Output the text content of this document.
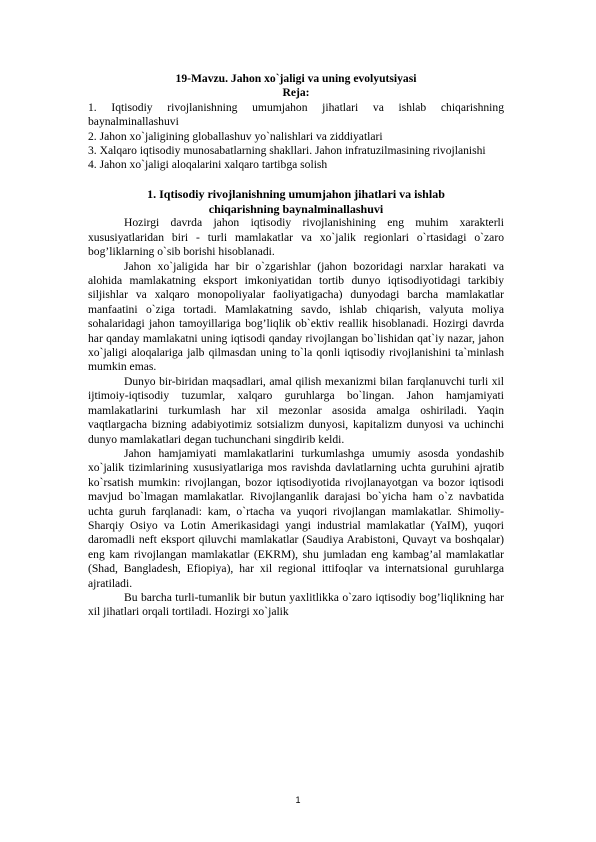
19-Mavzu. Jahon xo`jaligi va uning evolyutsiyasi

Reja:

1. Iqtisodiy rivojlanishning umumjahon jihatlari va ishlab chiqarishning baynalminallashuvi

2. Jahon xo`jaligining globallashuv yo`nalishlari va ziddiyatlari

3. Xalqaro iqtisodiy munosabatlarning shakllari. Jahon infratuzilmasining rivojlanishi

4. Jahon xo`jaligi aloqalarini xalqaro tartibga solish

1. Iqtisodiy rivojlanishning umumjahon jihatlari va ishlab

chiqarishning baynalminallashuvi

Hozirgi davrda jahon iqtisodiy rivojlanishining eng muhim xarakterli xususiyatlaridan biri - turli mamlakatlar va xo`jalik regionlari o`rtasidagi o`zaro bog’liklarning o`sib borishi hisoblanadi.

Jahon xo`jaligida har bir o`zgarishlar (jahon bozoridagi narxlar harakati va alohida mamlakatning eksport imkoniyatidan tortib dunyo iqtisodiyotidagi tarkibiy siljishlar va xalqaro monopoliyalar faoliyatigacha) dunyodagi barcha mamlakatlar manfaatini o`ziga tortadi. Mamlakatning savdo, ishlab chiqarish, valyuta moliya sohalaridagi jahon tamoyillariga bog’liqlik ob`ektiv reallik hisoblanadi. Hozirgi davrda har qanday mamlakatni uning iqtisodi qanday rivojlangan bo`lishidan qat`iy nazar, jahon xo`jaligi aloqalariga jalb qilmasdan uning to`la qonli iqtisodiy rivojlanishini ta`minlash mumkin emas.

Dunyo bir-biridan maqsadlari, amal qilish mexanizmi bilan farqlanuvchi turli xil ijtimoiy-iqtisodiy tuzumlar, xalqaro guruhlarga bo`lingan. Jahon hamjamiyati mamlakatlarini turkumlash har xil mezonlar asosida amalga oshiriladi. Yaqin vaqtlargacha bizning adabiyotimiz sotsializm dunyosi, kapitalizm dunyosi va uchinchi dunyo mamlakatlari degan tuchunchani singdirib keldi.

Jahon hamjamiyati mamlakatlarini turkumlashga umumiy asosda yondashib xo`jalik tizimlarining xususiyatlariga mos ravishda davlatlarning uchta guruhini ajratib ko`rsatish mumkin: rivojlangan, bozor iqtisodiyotida rivojlanayotgan va bozor iqtisodi mavjud bo`lmagan mamlakatlar. Rivojlanganlik darajasi bo`yicha ham o`z navbatida uchta guruh farqlanadi: kam, o`rtacha va yuqori rivojlangan mamlakatlar. Shimoliy-Sharqiy Osiyo va Lotin Amerikasidagi yangi industrial mamlakatlar (YaIM), yuqori daromadli neft eksport qiluvchi mamlakatlar (Saudiya Arabistoni, Quvayt va boshqalar) eng kam rivojlangan mamlakatlar (EKRM), shu jumladan eng kambag’al mamlakatlar (Shad, Bangladesh, Efiopiya), har xil regional ittifoqlar va internatsional guruhlarga ajratiladi.

Bu barcha turli-tumanlik bir butun yaxlitlikka o`zaro iqtisodiy bog’liqlikning har xil jihatlari orqali tortiladi. Hozirgi xo`jalik

1
